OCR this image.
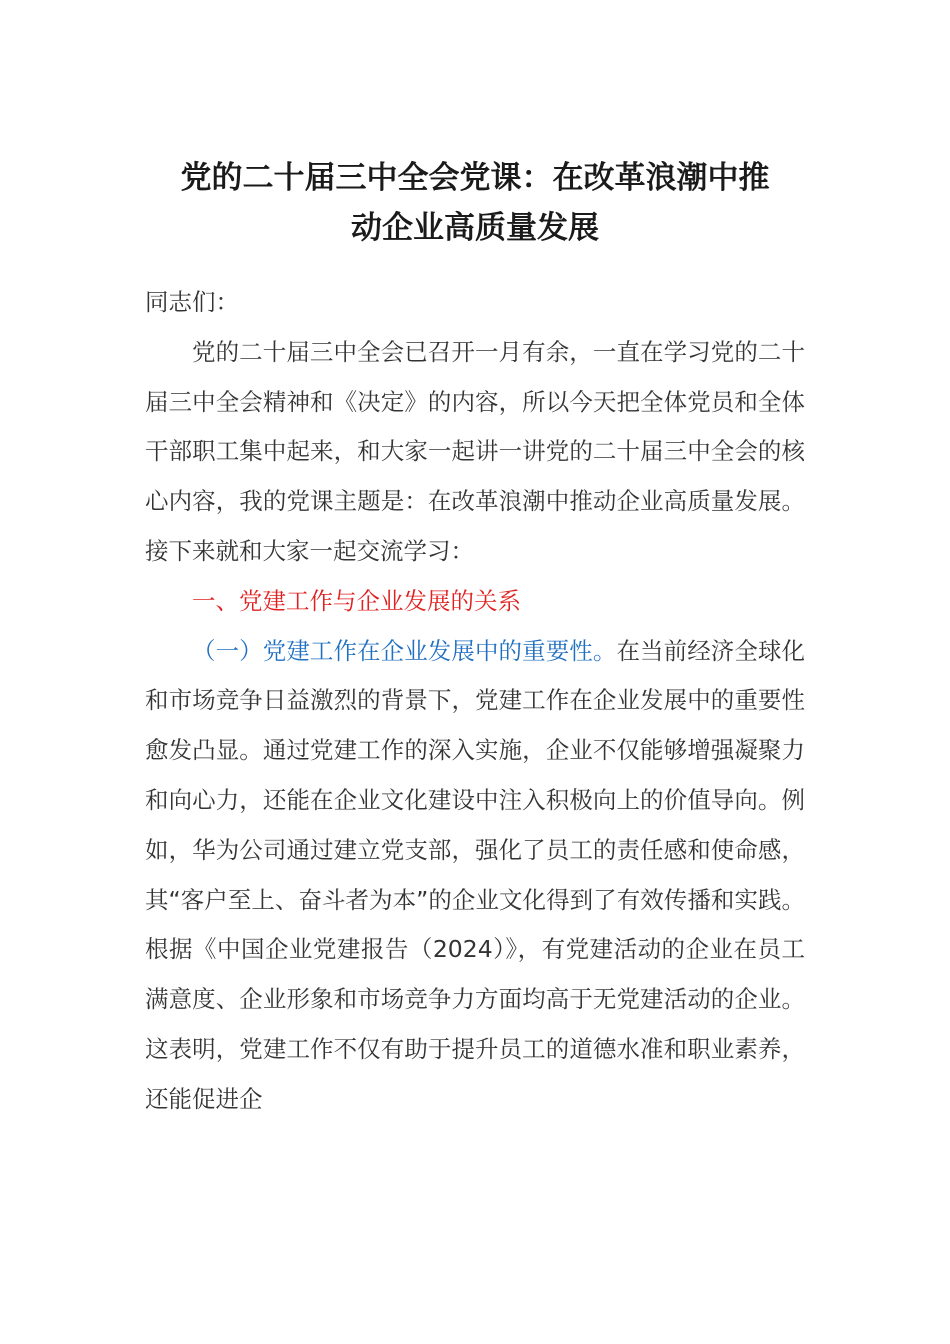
党的二十届三中全会党课：在改革浪潮中推
动企业高质量发展

同志们：

党的二十届三中全会已召开一月有余，一直在学习党的二十届三中全会精神和《决定》的内容，所以今天把全体党员和全体干部职工集中起来，和大家一起讲一讲党的二十届三中全会的核心内容，我的党课主题是：在改革浪潮中推动企业高质量发展。接下来就和大家一起交流学习：

一、党建工作与企业发展的关系

（一）党建工作在企业发展中的重要性。在当前经济全球化和市场竞争日益激烈的背景下，党建工作在企业发展中的重要性愈发凸显。通过党建工作的深入实施，企业不仅能够增强凝聚力和向心力，还能在企业文化建设中注入积极向上的价值导向。例如，华为公司通过建立党支部，强化了员工的责任感和使命感，其“客户至上、奋斗者为本”的企业文化得到了有效传播和实践。根据《中国企业党建报告（2024）》，有党建活动的企业在员工满意度、企业形象和市场竞争力方面均高于无党建活动的企业。这表明，党建工作不仅有助于提升员工的道德水准和职业素养，还能促进企
